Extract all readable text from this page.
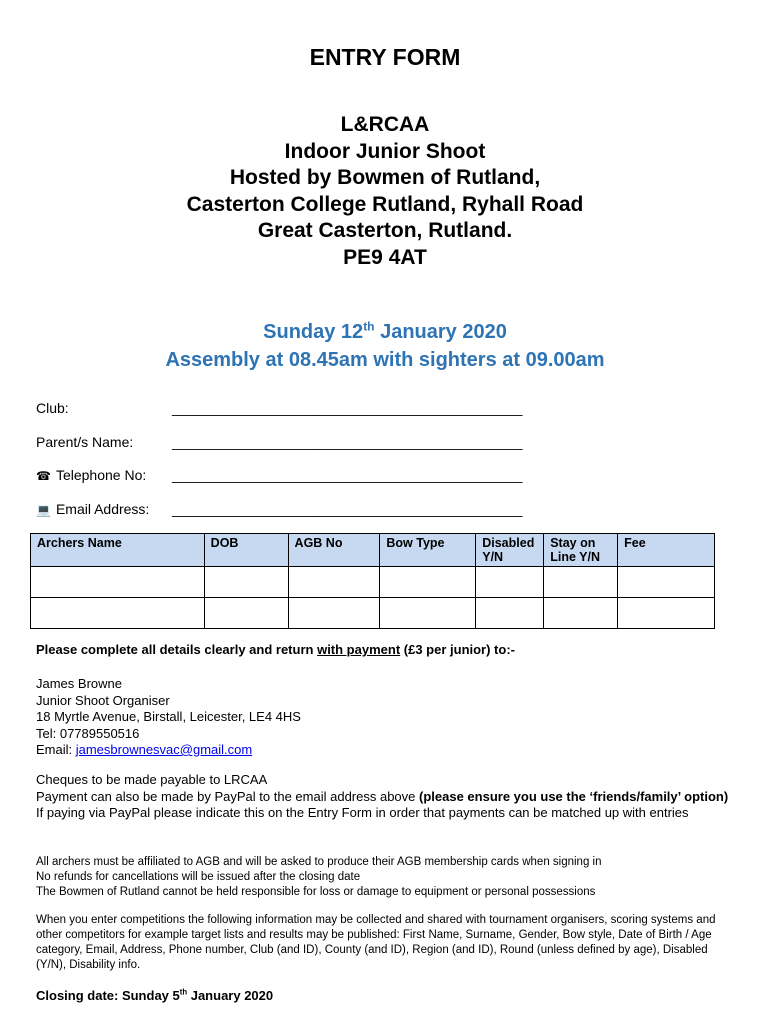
ENTRY FORM
L&RCAA
Indoor Junior Shoot
Hosted by Bowmen of Rutland,
Casterton College Rutland, Ryhall Road
Great Casterton, Rutland.
PE9 4AT
Sunday 12th January 2020
Assembly at 08.45am with sighters at 09.00am
Club:	_____________________________________________
Parent/s Name:	_____________________________________________
☎ Telephone No:	_____________________________________________
💻 Email Address:	_____________________________________________
Archers Name	DOB	AGB No	Bow Type	Disabled Y/N	Stay on Line Y/N	Fee

Please complete all details clearly and return with payment (£3 per junior) to:-
James Browne
Junior Shoot Organiser
18 Myrtle Avenue, Birstall, Leicester, LE4 4HS
Tel: 07789550516
Email: jamesbrownesvac@gmail.com
Cheques to be made payable to LRCAA
Payment can also be made by PayPal to the email address above (please ensure you use the ‘friends/family’ option)
If paying via PayPal please indicate this on the Entry Form in order that payments can be matched up with entries
All archers must be affiliated to AGB and will be asked to produce their AGB membership cards when signing in
No refunds for cancellations will be issued after the closing date
The Bowmen of Rutland cannot be held responsible for loss or damage to equipment or personal possessions
When you enter competitions the following information may be collected and shared with tournament organisers, scoring systems and other competitors for example target lists and results may be published: First Name, Surname, Gender, Bow style, Date of Birth / Age category, Email, Address, Phone number, Club (and ID), County (and ID), Region (and ID), Round (unless defined by age), Disabled (Y/N), Disability info.
Closing date: Sunday 5th January 2020
